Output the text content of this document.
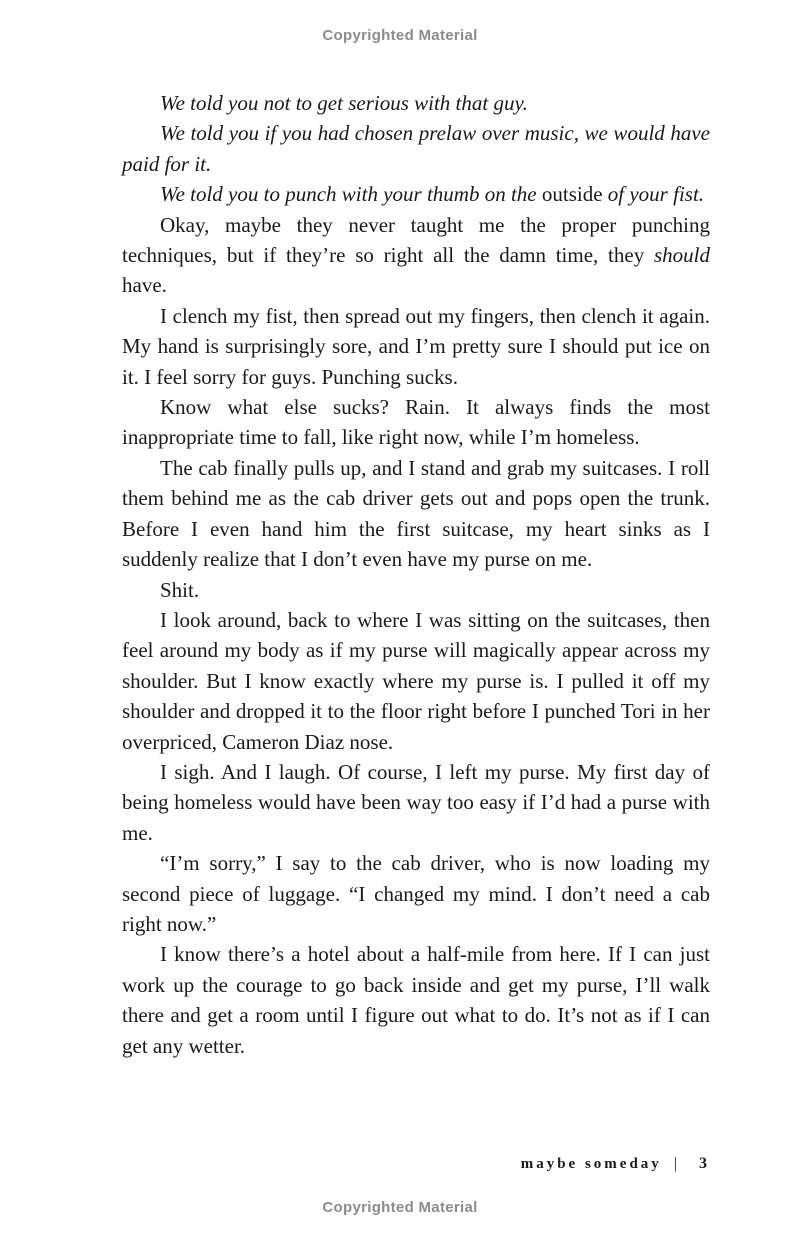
Copyrighted Material

We told you not to get serious with that guy.

We told you if you had chosen prelaw over music, we would have paid for it.

We told you to punch with your thumb on the outside of your fist.

Okay, maybe they never taught me the proper punching techniques, but if they’re so right all the damn time, they should have.

I clench my fist, then spread out my fingers, then clench it again. My hand is surprisingly sore, and I’m pretty sure I should put ice on it. I feel sorry for guys. Punching sucks.

Know what else sucks? Rain. It always finds the most inappropriate time to fall, like right now, while I’m homeless.

The cab finally pulls up, and I stand and grab my suitcases. I roll them behind me as the cab driver gets out and pops open the trunk. Before I even hand him the first suitcase, my heart sinks as I suddenly realize that I don’t even have my purse on me.

Shit.

I look around, back to where I was sitting on the suitcases, then feel around my body as if my purse will magically appear across my shoulder. But I know exactly where my purse is. I pulled it off my shoulder and dropped it to the floor right before I punched Tori in her overpriced, Cameron Diaz nose.

I sigh. And I laugh. Of course, I left my purse. My first day of being homeless would have been way too easy if I’d had a purse with me.

“I’m sorry,” I say to the cab driver, who is now loading my second piece of luggage. “I changed my mind. I don’t need a cab right now.”

I know there’s a hotel about a half-mile from here. If I can just work up the courage to go back inside and get my purse, I’ll walk there and get a room until I figure out what to do. It’s not as if I can get any wetter.

maybe someday | 3
Copyrighted Material
